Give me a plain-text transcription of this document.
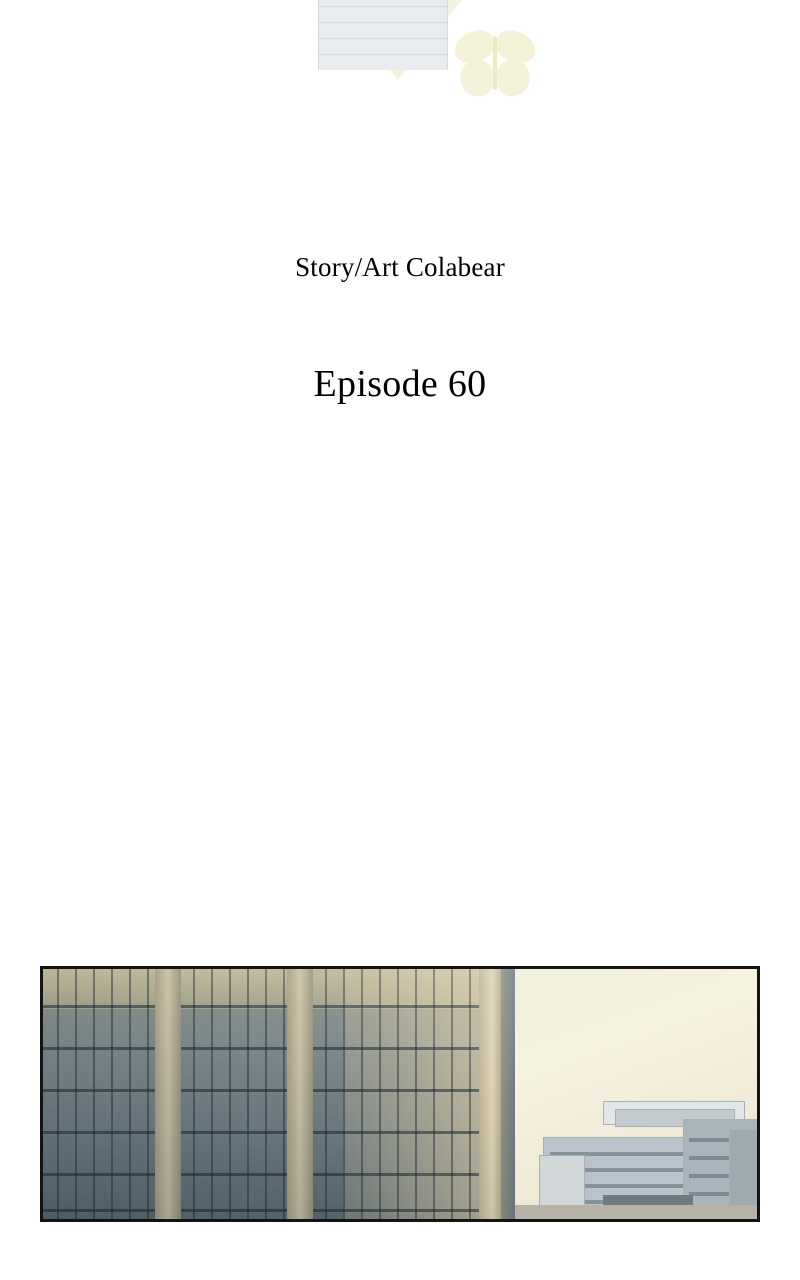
Story/Art Colabear
Episode 60
